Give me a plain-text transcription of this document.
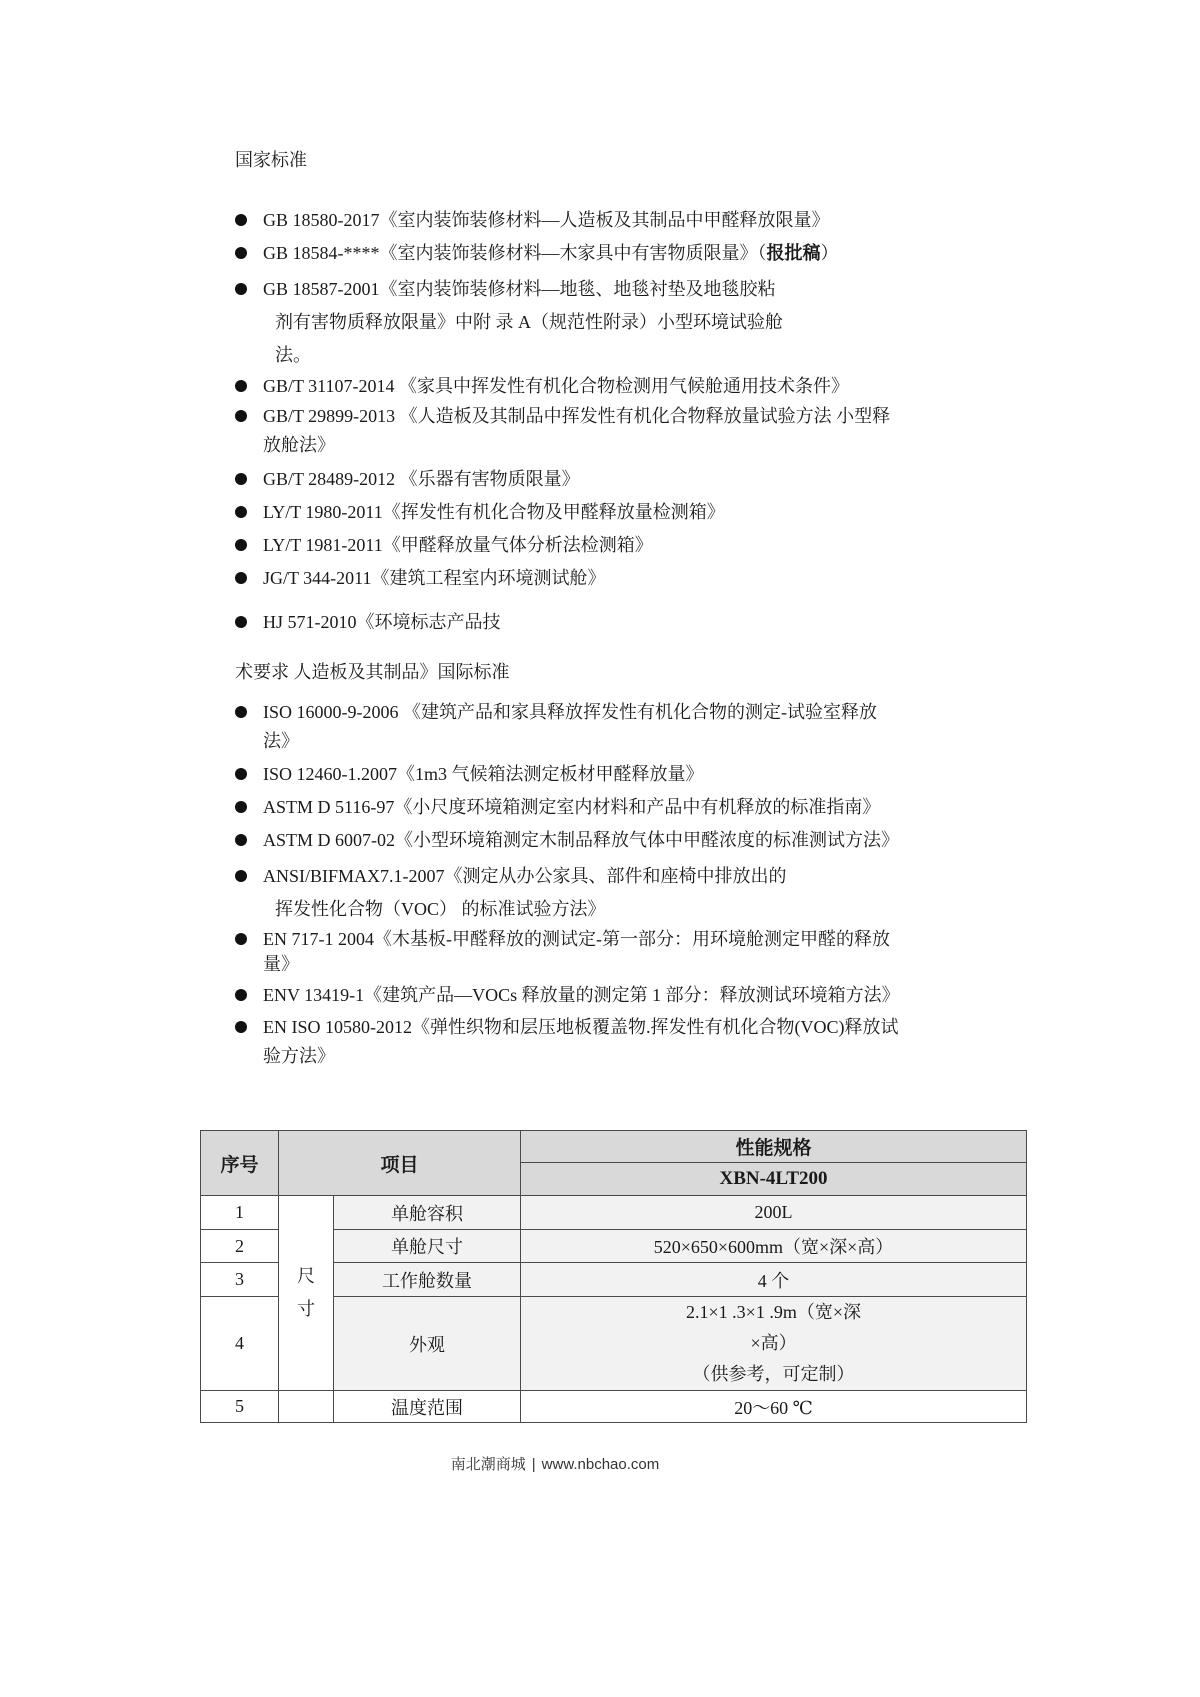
国家标准
GB 18580-2017《室内装饰装修材料—人造板及其制品中甲醛释放限量》
GB 18584-****《室内装饰装修材料—木家具中有害物质限量》（报批稿）
GB 18587-2001《室内装饰装修材料—地毯、地毯衬垫及地毯胶粘
剂有害物质释放限量》中附 录 A（规范性附录）小型环境试验舱
法。
GB/T 31107-2014 《家具中挥发性有机化合物检测用气候舱通用技术条件》
GB/T 29899-2013 《人造板及其制品中挥发性有机化合物释放量试验方法 小型释
放舱法》
GB/T 28489-2012 《乐器有害物质限量》
LY/T 1980-2011《挥发性有机化合物及甲醛释放量检测箱》
LY/T 1981-2011《甲醛释放量气体分析法检测箱》
JG/T 344-2011《建筑工程室内环境测试舱》
HJ 571-2010《环境标志产品技
术要求 人造板及其制品》国际标准
ISO 16000-9-2006 《建筑产品和家具释放挥发性有机化合物的测定-试验室释放
法》
ISO 12460-1.2007《1m3 气候箱法测定板材甲醛释放量》
ASTM D 5116-97《小尺度环境箱测定室内材料和产品中有机释放的标准指南》
ASTM D 6007-02《小型环境箱测定木制品释放气体中甲醛浓度的标准测试方法》
ANSI/BIFMAX7.1-2007《测定从办公家具、部件和座椅中排放出的
挥发性化合物（VOC） 的标准试验方法》
EN 717-1 2004《木基板-甲醛释放的测试定-第一部分：用环境舱测定甲醛的释放
量》
ENV 13419-1《建筑产品—VOCs 释放量的测定第 1 部分：释放测试环境箱方法》
EN ISO 10580-2012《弹性织物和层压地板覆盖物.挥发性有机化合物(VOC)释放试
验方法》
序号	项目		性能规格
			XBN-4LT200
1	尺寸	单舱容积	200L
2		单舱尺寸	520×650×600mm（宽×深×高）
3		工作舱数量	4 个
4		外观	2.1×1 .3×1 .9m（宽×深
×高）
（供参考，可定制）

5		温度范围	20～60 ℃
南北潮商城 | www.nbchao.com
